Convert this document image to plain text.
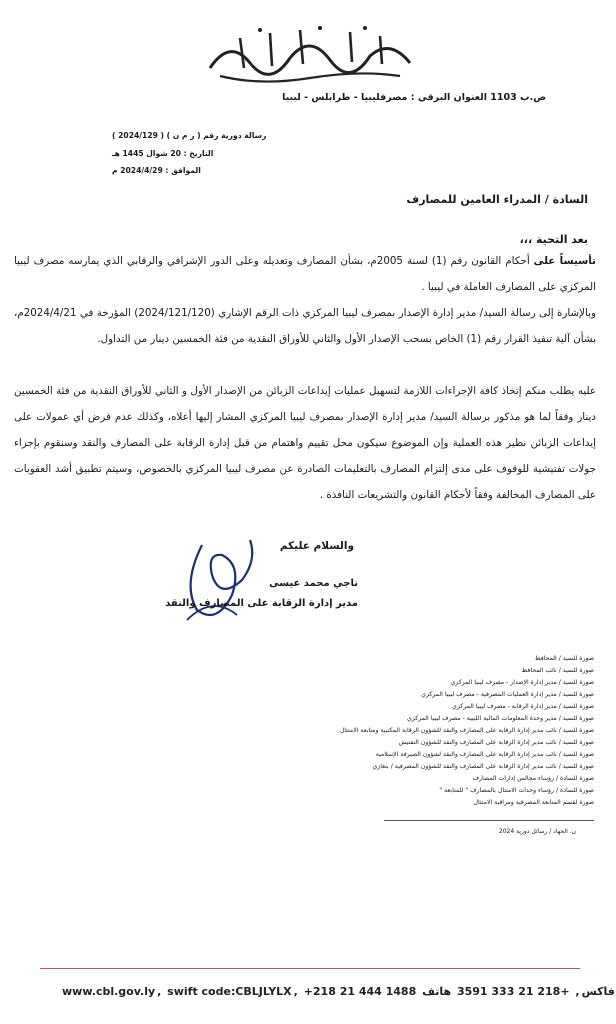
ص.ب 1103 العنوان البرقي : مصرفليبيا - طرابلس - ليبيا
رسالة دورية رقم ( ر م ن ) ( 2024/129 )
التاريخ : 20 شوال 1445 هـ
الموافق : 2024/4/29 م
السادة / المدراء العامين للمصارف
بعد التحية ،،،

تأسيساً على أحكام القانون رقم (1) لسنة 2005م، بشأن المصارف وتعديله وعلى الدور الإشرافي والرقابي الذي يمارسه مصرف ليبيا المركزي على المصارف العاملة في ليبيا .

وبالإشارة إلى رسالة السيد/ مدير إدارة الإصدار بمصرف ليبيا المركزي ذات الرقم الإشاري (2024/121/120) المؤرخة في 2024/4/21م، بشأن آلية تنفيذ القرار رقم (1) الخاص بسحب الإصدار الأول والثاني للأوراق النقدية من فئة الخمسين دينار من التداول.
عليه يطلب منكم إتخاذ كافة الإجراءات اللازمة لتسهيل عمليات إيداعات الزبائن من الإصدار الأول و الثاني للأوراق النقدية من فئة الخمسين دينار وفقاً لما هو مذكور برسالة السيد/ مدير إدارة الإصدار بمصرف ليبيا المركزي المشار إليها أعلاه، وكذلك عدم فرض أي عمولات على إيداعات الزبائن نظير هذه العملية وإن الموضوع سيكون محل تقييم واهتمام من قبل إدارة الرقابة على المصارف والنقد وسنقوم بإجراء جولات تفتيشية للوقوف على مدى إلتزام المصارف بالتعليمات الصادرة عن مصرف ليبيا المركزي بالخصوص، وسيتم تطبيق أشد العقوبات على المصارف المخالفة وفقاً لأحكام القانون والتشريعات النافذة .
والسلام عليكم
ناجي محمد عيسى
مدير إدارة الرقابة على المصارف والنقد
صورة للسيد / المحافظ
صورة للسيد / نائب المحافظ
صورة للسيد / مدير إدارة الإصدار - مصرف ليبيا المركزي
صورة للسيد / مدير إدارة العمليات المصرفية - مصرف ليبيا المركزي
صورة للسيد / مدير إدارة الرقابة - مصرف ليبيا المركزي
صورة للسيد / مدير وحدة المعلومات المالية الليبية - مصرف ليبيا المركزي
صورة للسيد / نائب مدير إدارة الرقابة على المصارف والنقد للشؤون الرقابة المكتبية ومتابعة الامتثال
صورة للسيد / نائب مدير إدارة الرقابة على المصارف والنقد للشؤون التفتيش
صورة للسيد / نائب مدير إدارة الرقابة على المصارف والنقد لشؤون الصيرفة الإسلامية
صورة للسيد / نائب مدير إدارة الرقابة على المصارف والنقد للشؤون المصرفية / بنغازي
صورة للسادة / رؤساء مجالس إدارات المصارف
صورة للسادة / رؤساء وحدات الامتثال بالمصارف " للمتابعة "
صورة لقسم المتابعة المصرفية ومراقبة الامتثال
ن. الجهاد / رسائل دورية 2024
www.cbl.gov.ly , swift code:CBLJLYLX , +218 21 444 1488	فاكس, +218 21 333 3591 هاتف
